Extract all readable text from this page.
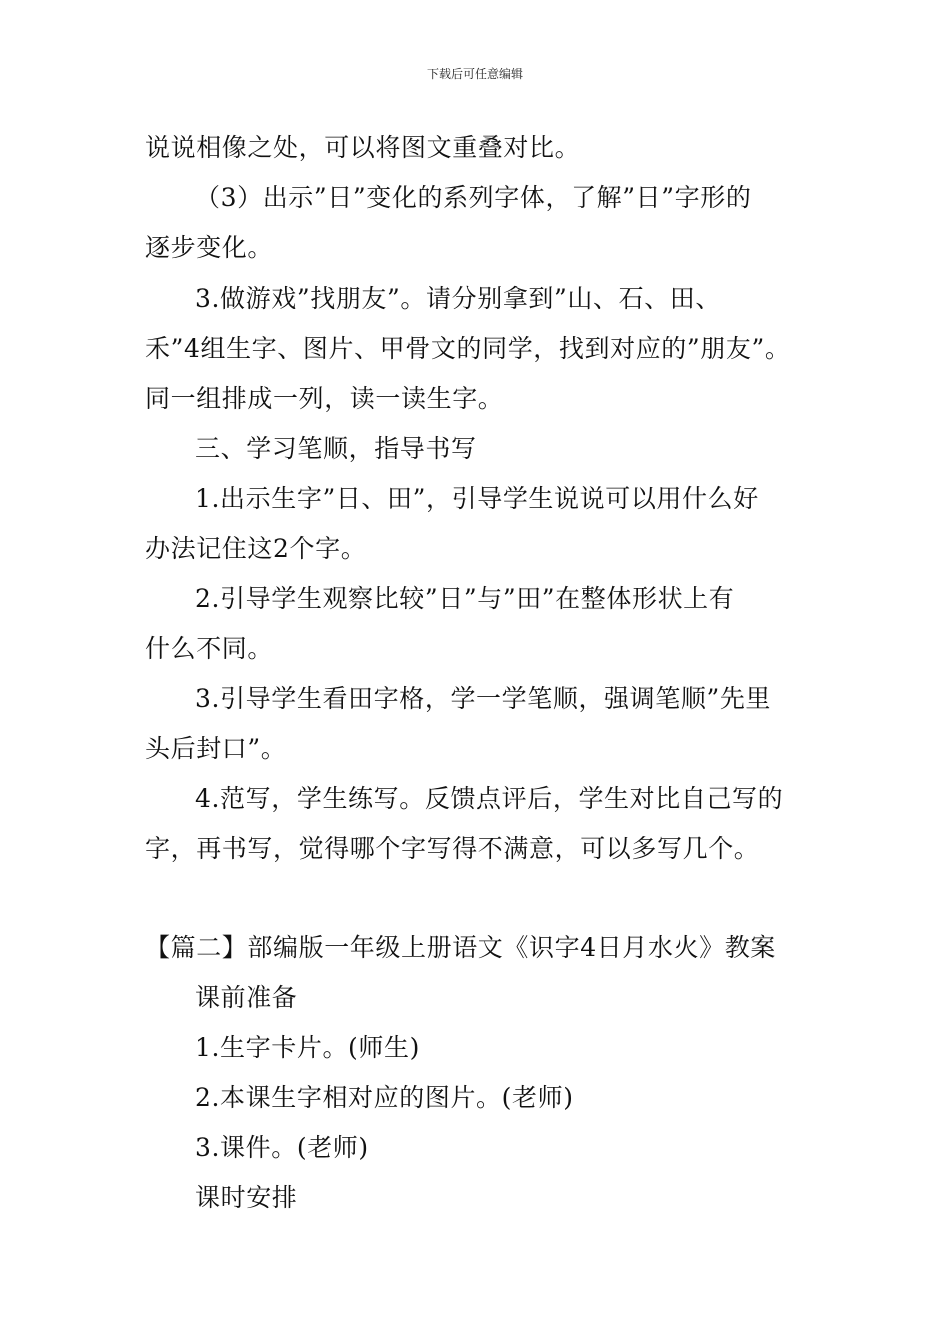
下载后可任意编辑
说说相像之处，可以将图文重叠对比。
（3）出示”日”变化的系列字体，了解”日”字形的
逐步变化。
3.做游戏”找朋友”。请分别拿到”山、石、田、
禾”4组生字、图片、甲骨文的同学，找到对应的”朋友”。
同一组排成一列，读一读生字。
三、学习笔顺，指导书写
1.出示生字”日、田”，引导学生说说可以用什么好
办法记住这2个字。
2.引导学生观察比较”日”与”田”在整体形状上有
什么不同。
3.引导学生看田字格，学一学笔顺，强调笔顺”先里
头后封口”。
4.范写，学生练写。反馈点评后，学生对比自己写的
字，再书写，觉得哪个字写得不满意，可以多写几个。
【篇二】部编版一年级上册语文《识字4日月水火》教案
课前准备
1.生字卡片。(师生)
2.本课生字相对应的图片。(老师)
3.课件。(老师)
课时安排
